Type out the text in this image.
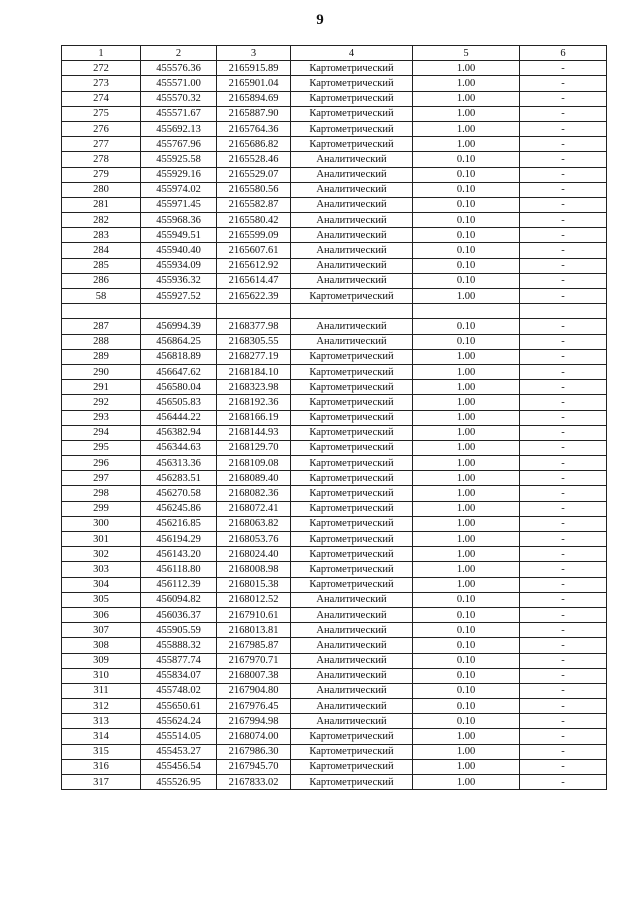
9
1	2	3	4	5	6
272	455576.36	2165915.89	Картометрический	1.00	-
273	455571.00	2165901.04	Картометрический	1.00	-
274	455570.32	2165894.69	Картометрический	1.00	-
275	455571.67	2165887.90	Картометрический	1.00	-
276	455692.13	2165764.36	Картометрический	1.00	-
277	455767.96	2165686.82	Картометрический	1.00	-
278	455925.58	2165528.46	Аналитический	0.10	-
279	455929.16	2165529.07	Аналитический	0.10	-
280	455974.02	2165580.56	Аналитический	0.10	-
281	455971.45	2165582.87	Аналитический	0.10	-
282	455968.36	2165580.42	Аналитический	0.10	-
283	455949.51	2165599.09	Аналитический	0.10	-
284	455940.40	2165607.61	Аналитический	0.10	-
285	455934.09	2165612.92	Аналитический	0.10	-
286	455936.32	2165614.47	Аналитический	0.10	-
58	455927.52	2165622.39	Картометрический	1.00	-

287	456994.39	2168377.98	Аналитический	0.10	-
288	456864.25	2168305.55	Аналитический	0.10	-
289	456818.89	2168277.19	Картометрический	1.00	-
290	456647.62	2168184.10	Картометрический	1.00	-
291	456580.04	2168323.98	Картометрический	1.00	-
292	456505.83	2168192.36	Картометрический	1.00	-
293	456444.22	2168166.19	Картометрический	1.00	-
294	456382.94	2168144.93	Картометрический	1.00	-
295	456344.63	2168129.70	Картометрический	1.00	-
296	456313.36	2168109.08	Картометрический	1.00	-
297	456283.51	2168089.40	Картометрический	1.00	-
298	456270.58	2168082.36	Картометрический	1.00	-
299	456245.86	2168072.41	Картометрический	1.00	-
300	456216.85	2168063.82	Картометрический	1.00	-
301	456194.29	2168053.76	Картометрический	1.00	-
302	456143.20	2168024.40	Картометрический	1.00	-
303	456118.80	2168008.98	Картометрический	1.00	-
304	456112.39	2168015.38	Картометрический	1.00	-
305	456094.82	2168012.52	Аналитический	0.10	-
306	456036.37	2167910.61	Аналитический	0.10	-
307	455905.59	2168013.81	Аналитический	0.10	-
308	455888.32	2167985.87	Аналитический	0.10	-
309	455877.74	2167970.71	Аналитический	0.10	-
310	455834.07	2168007.38	Аналитический	0.10	-
311	455748.02	2167904.80	Аналитический	0.10	-
312	455650.61	2167976.45	Аналитический	0.10	-
313	455624.24	2167994.98	Аналитический	0.10	-
314	455514.05	2168074.00	Картометрический	1.00	-
315	455453.27	2167986.30	Картометрический	1.00	-
316	455456.54	2167945.70	Картометрический	1.00	-
317	455526.95	2167833.02	Картометрический	1.00	-
